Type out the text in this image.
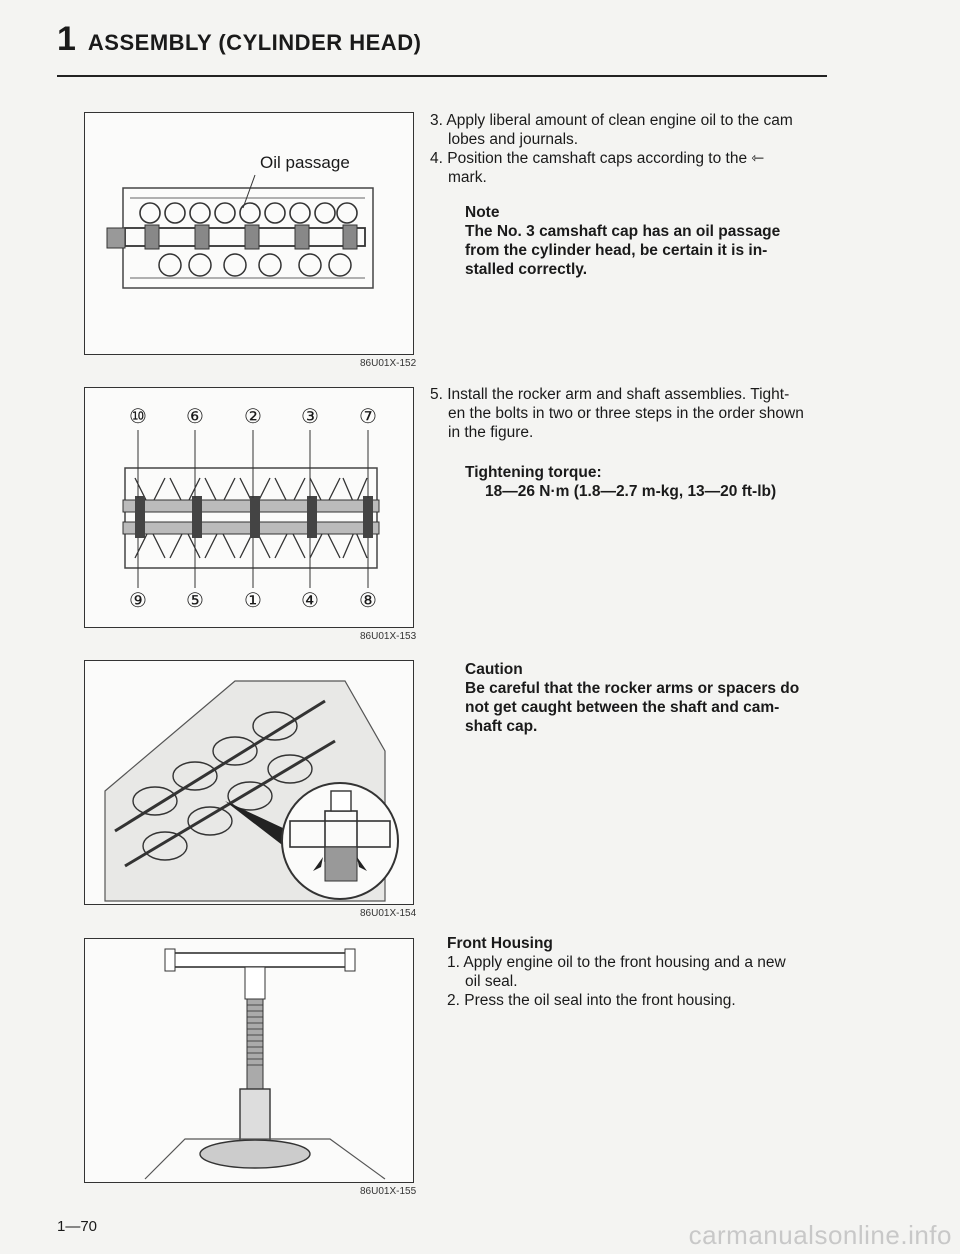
1 ASSEMBLY (CYLINDER HEAD)
Oil passage
86U01X-152
⑩ ⑥ ② ③ ⑦
⑨ ⑤ ① ④ ⑧
86U01X-153
86U01X-154
86U01X-155
3. Apply liberal amount of clean engine oil to the cam
lobes and journals.
4. Position the camshaft caps according to the ⇽
mark.
Note
The No. 3 camshaft cap has an oil passage
from the cylinder head, be certain it is in-
stalled correctly.
5. Install the rocker arm and shaft assemblies. Tight-
en the bolts in two or three steps in the order shown
in the figure.
Tightening torque:
18—26 N·m (1.8—2.7 m-kg, 13—20 ft-lb)
Caution
Be careful that the rocker arms or spacers do
not get caught between the shaft and cam-
shaft cap.
Front Housing
1. Apply engine oil to the front housing and a new
oil seal.
2. Press the oil seal into the front housing.
1—70	carmanualsonline.info
